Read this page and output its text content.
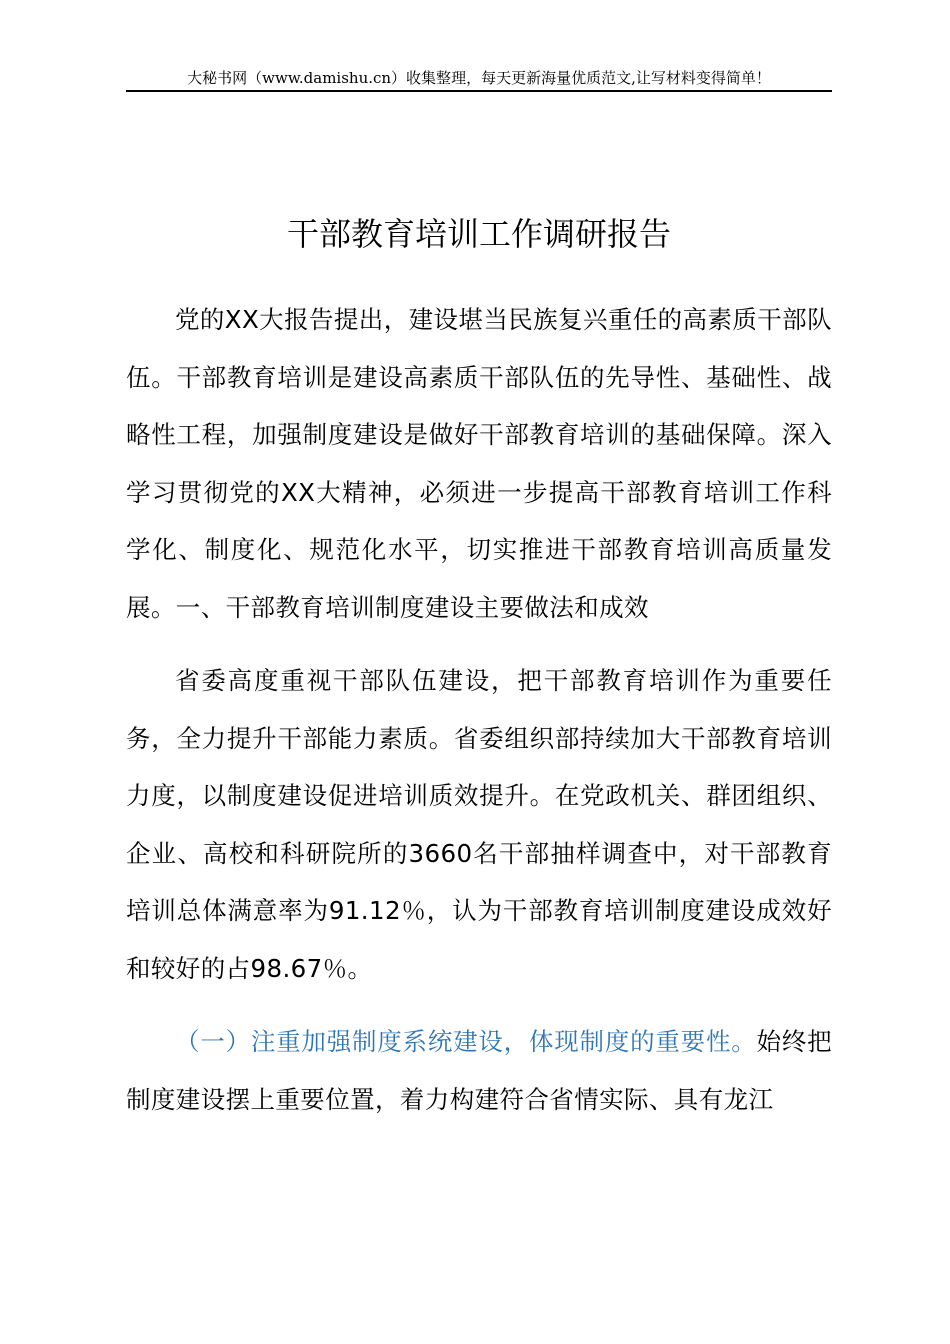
大秘书网（www.damishu.cn）收集整理，每天更新海量优质范文,让写材料变得简单！
干部教育培训工作调研报告

党的XX大报告提出，建设堪当民族复兴重任的高素质干部队伍。干部教育培训是建设高素质干部队伍的先导性、基础性、战略性工程，加强制度建设是做好干部教育培训的基础保障。深入学习贯彻党的XX大精神，必须进一步提高干部教育培训工作科学化、制度化、规范化水平，切实推进干部教育培训高质量发展。一、干部教育培训制度建设主要做法和成效

省委高度重视干部队伍建设，把干部教育培训作为重要任务，全力提升干部能力素质。省委组织部持续加大干部教育培训力度，以制度建设促进培训质效提升。在党政机关、群团组织、企业、高校和科研院所的3660名干部抽样调查中，对干部教育培训总体满意率为91.12％，认为干部教育培训制度建设成效好和较好的占98.67％。

（一）注重加强制度系统建设，体现制度的重要性。始终把制度建设摆上重要位置，着力构建符合省情实际、具有龙江
